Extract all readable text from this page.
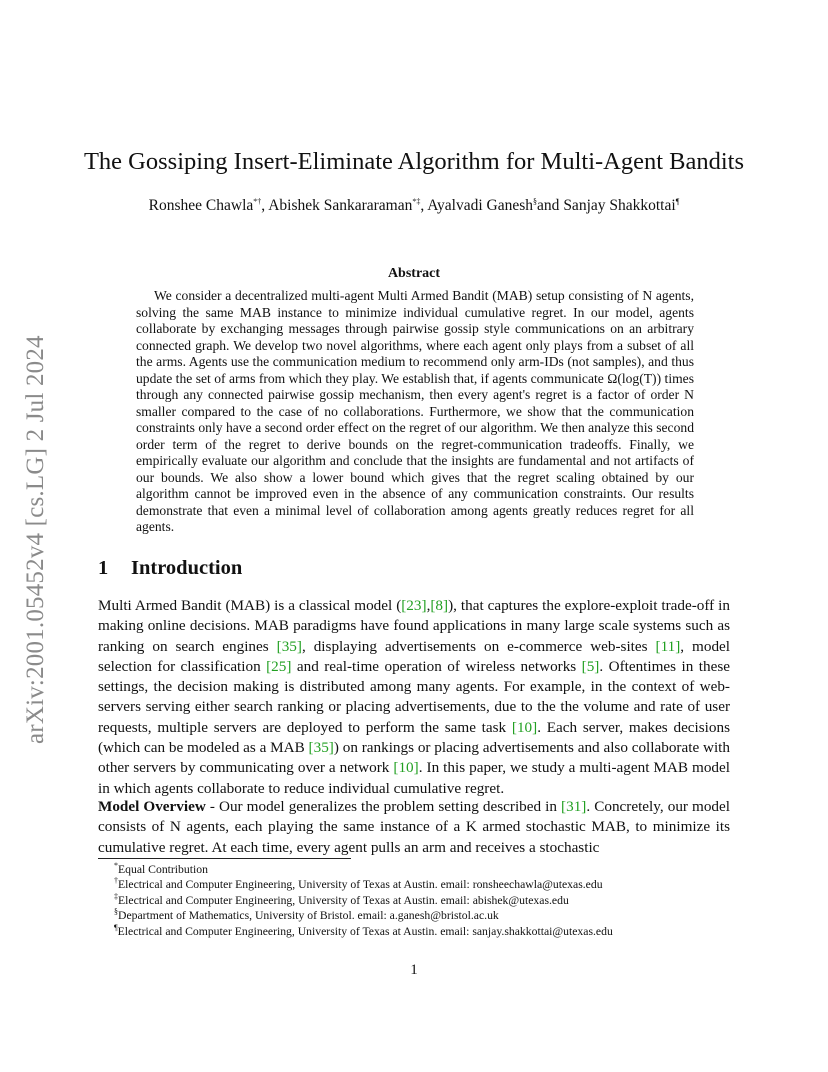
arXiv:2001.05452v4 [cs.LG] 2 Jul 2024
The Gossiping Insert-Eliminate Algorithm for Multi-Agent Bandits
Ronshee Chawla*†, Abishek Sankararaman*‡, Ayalvadi Ganesh§and Sanjay Shakkottai¶
Abstract
We consider a decentralized multi-agent Multi Armed Bandit (MAB) setup consisting of N agents, solving the same MAB instance to minimize individual cumulative regret. In our model, agents collaborate by exchanging messages through pairwise gossip style communications on an arbitrary connected graph. We develop two novel algorithms, where each agent only plays from a subset of all the arms. Agents use the communication medium to recommend only arm-IDs (not samples), and thus update the set of arms from which they play. We establish that, if agents communicate Ω(log(T)) times through any connected pairwise gossip mechanism, then every agent's regret is a factor of order N smaller compared to the case of no collaborations. Furthermore, we show that the communication constraints only have a second order effect on the regret of our algorithm. We then analyze this second order term of the regret to derive bounds on the regret-communication tradeoffs. Finally, we empirically evaluate our algorithm and conclude that the insights are fundamental and not artifacts of our bounds. We also show a lower bound which gives that the regret scaling obtained by our algorithm cannot be improved even in the absence of any communication constraints. Our results demonstrate that even a minimal level of collaboration among agents greatly reduces regret for all agents.
1 Introduction
Multi Armed Bandit (MAB) is a classical model ([23],[8]), that captures the explore-exploit trade-off in making online decisions. MAB paradigms have found applications in many large scale systems such as ranking on search engines [35], displaying advertisements on e-commerce web-sites [11], model selection for classification [25] and real-time operation of wireless networks [5]. Oftentimes in these settings, the decision making is distributed among many agents. For example, in the context of web-servers serving either search ranking or placing advertisements, due to the the volume and rate of user requests, multiple servers are deployed to perform the same task [10]. Each server, makes decisions (which can be modeled as a MAB [35]) on rankings or placing advertisements and also collaborate with other servers by communicating over a network [10]. In this paper, we study a multi-agent MAB model in which agents collaborate to reduce individual cumulative regret.
Model Overview - Our model generalizes the problem setting described in [31]. Concretely, our model consists of N agents, each playing the same instance of a K armed stochastic MAB, to minimize its cumulative regret. At each time, every agent pulls an arm and receives a stochastic
*Equal Contribution
†Electrical and Computer Engineering, University of Texas at Austin. email: ronsheechawla@utexas.edu
‡Electrical and Computer Engineering, University of Texas at Austin. email: abishek@utexas.edu
§Department of Mathematics, University of Bristol. email: a.ganesh@bristol.ac.uk
¶Electrical and Computer Engineering, University of Texas at Austin. email: sanjay.shakkottai@utexas.edu
1
